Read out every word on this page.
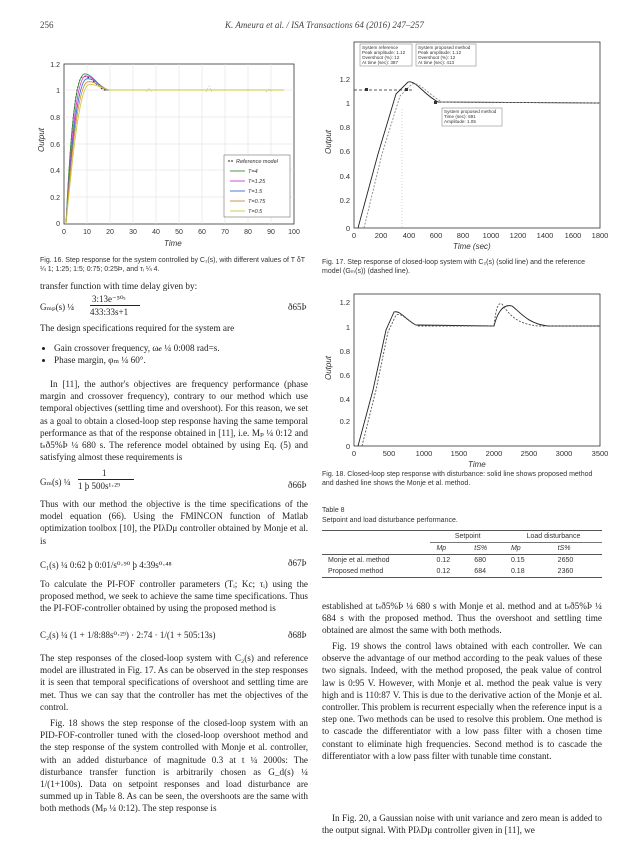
256	K. Ameura et al. / ISA Transactions 64 (2016) 247–257
0
0.2
0.4
0.6
0.8
1
1.2
0 10 20 30 40 50 60 70 80 90 100
Time
Output
Reference model
T=4
T=1.25
T=1.5
T=0.75
T=0.5
Fig. 16. Step response for the system controlled by C₁(s), with different values of T δT ¼ 1; 1:25; 1:5; 0:75; 0:25Þ, and τᵢ ¼ 4.
0
0.2
0.4
0.6
0.8
1
1.2
0 200 400 600 800 1000 1200 1400 1600 1800
Time (sec)
Output
System reference
Peak amplitude: 1.12
Overshoot (%): 12
At time (sec): 387
System proposed method
Peak amplitude: 1.12
Overshoot (%): 12
At time (sec): 413
System proposed method
Time (sec): 691
Amplitude: 1.05
Fig. 17. Step response of closed-loop system with C₂(s) (solid line) and the reference model (Gₘ(s)) (dashed line).
0
0.2
0.4
0.6
0.8
1
1.2
0	500	1000 1500 2000 2500 3000	3500
Time
Output
Fig. 18. Closed-loop step response with disturbance: solid line shows proposed method and dashed line shows the Monje et al. method.
Table 8
Setpoint and load disturbance performance.
	Setpoint		Load disturbance	
	Mp	tS%	Mp	tS%
Monje et al. method	0.12	680	0.15	2650
Proposed method	0.12	684	0.18	2360
established at tₛð5%Þ ¼ 680 s with Monje et al. method and at tₛð5%Þ ¼ 684 s with the proposed method. Thus the overshoot and settling time obtained are almost the same with both methods.
Fig. 19 shows the control laws obtained with each controller. We can observe the advantage of our method according to the peak values of these two signals. Indeed, with the method proposed, the peak value of control law is 0:95 V. However, with Monje et al. method the peak value is very high and is 110:87 V. This is due to the derivative action of the Monje et al. controller. This problem is recurrent especially when the reference input is a step one. Two methods can be used to resolve this problem. One method is to cascade the differentiator with a low pass filter with a chosen time constant to eliminate high frequencies. Second method is to cascade the differentiator with a low pass filter with tunable time constant.
In Fig. 20, a Gaussian noise with unit variance and zero mean is added to the output signal. With PIλDμ controller given in [11], we
transfer function with time delay given by:
Gₘₚ(s) ¼
3:13e⁻⁵⁰ˢ
433:33s+1	ð65Þ
The design specifications required for the system are
• Gain crossover frequency, ω𝒸 ¼ 0:008 rad=s.
• Phase margin, φₘ ¼ 60°.
In [11], the author's objectives are frequency performance (phase margin and crossover frequency), contrary to our method which use temporal objectives (settling time and overshoot). For this reason, we set as a goal to obtain a closed-loop step response having the same temporal performance as that of the response obtained in [11], i.e. Mₚ ¼ 0:12 and tₛð5%Þ ¼ 680 s. The reference model obtained by using Eq. (5) and satisfying almost these requirements is
Gₘ(s) ¼
1
1 þ 500s¹·²⁹	ð66Þ
Thus with our method the objective is the time specifications of the model equation (66). Using the FMINCON function of Matlab optimization toolbox [10], the PIλDμ controller obtained by Monje et al. is
C₁(s) ¼ 0:62 þ 0:01/s⁰·⁹⁰ þ 4:39s⁰·⁴⁸	ð67Þ
To calculate the PI-FOF controller parameters (Tᵢ; Kc; τᵢ) using the proposed method, we seek to achieve the same time specifications. Thus the PI-FOF-controller obtained by using the proposed method is
C₂(s) ¼ (1 + 1/8:88s⁰·²⁹) · 2:74 · 1/(1 + 505:13s)	ð68Þ
The step responses of the closed-loop system with C₂(s) and reference model are illustrated in Fig. 17. As can be observed in the step responses it is seen that temporal specifications of overshoot and settling time are met. Thus we can say that the controller has met the objectives of the control.
Fig. 18 shows the step response of the closed-loop system with an PID-FOF-controller tuned with the closed-loop overshoot method and the step response of the system controlled with Monje et al. controller, with an added disturbance of magnitude 0.3 at t ¼ 2000s: The disturbance transfer function is arbitrarily chosen as G_d(s) ¼ 1/(1+100s). Data on setpoint responses and load disturbance are summed up in Table 8. As can be seen, the overshoots are the same with both methods (Mₚ ¼ 0:12). The step response is
